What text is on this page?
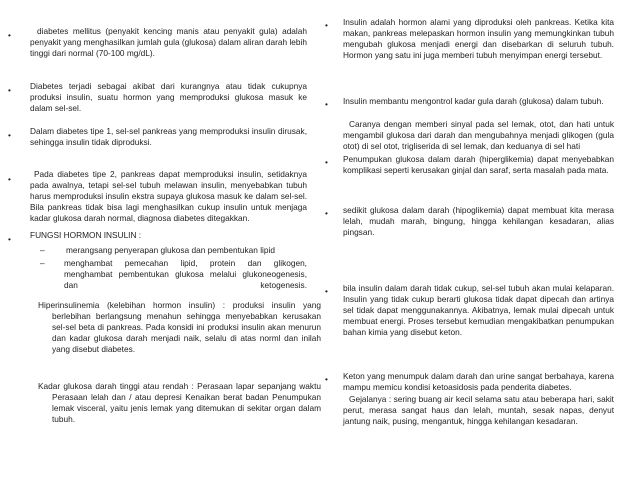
•	diabetes mellitus (penyakit kencing manis atau penyakit gula) adalah penyakit yang menghasilkan jumlah gula (glukosa) dalam aliran darah lebih tinggi dari normal (70-100 mg/dL).

• Diabetes terjadi sebagai akibat dari kurangnya atau tidak cukupnya produksi insulin, suatu hormon yang memproduksi glukosa masuk ke dalam sel-sel.

• Dalam diabetes tipe 1, sel-sel pankreas yang memproduksi insulin dirusak, sehingga insulin tidak diproduksi.

•	Pada diabetes tipe 2, pankreas dapat memproduksi insulin, setidaknya pada awalnya, tetapi sel-sel tubuh melawan insulin, menyebabkan tubuh harus memproduksi insulin ekstra supaya glukosa masuk ke dalam sel-sel. Bila pankreas tidak bisa lagi menghasilkan cukup insulin untuk menjaga kadar glukosa darah normal, diagnosa diabetes ditegakkan.

• FUNGSI HORMON INSULIN :

–	merangsang penyerapan glukosa dan pembentukan lipid

– menghambat pemecahan lipid, protein dan glikogen, menghambat pembentukan glukosa melalui glukoneogenesis, dan ketogenesis.

Hiperinsulinemia (kelebihan hormon insulin) : produksi insulin yang berlebihan berlangsung menahun sehingga menyebabkan kerusakan sel-sel beta di pankreas. Pada konsidi ini produksi insulin akan menurun dan kadar glukosa darah menjadi naik, selalu di atas norml dan inilah yang disebut diabetes.

Kadar glukosa darah tinggi atau rendah : Perasaan lapar sepanjang waktu Perasaan lelah dan / atau depresi Kenaikan berat badan Penumpukan lemak visceral, yaitu jenis lemak yang ditemukan di sekitar organ dalam tubuh.

• Insulin adalah hormon alami yang diproduksi oleh pankreas. Ketika kita makan, pankreas melepaskan hormon insulin yang memungkinkan tubuh mengubah glukosa menjadi energi dan disebarkan di seluruh tubuh. Hormon yang satu ini juga memberi tubuh menyimpan energi tersebut.

• Insulin membantu mengontrol kadar gula darah (glukosa) dalam tubuh.

Caranya dengan memberi sinyal pada sel lemak, otot, dan hati untuk mengambil glukosa dari darah dan mengubahnya menjadi glikogen (gula otot) di sel otot, trigliserida di sel lemak, dan keduanya di sel hati

• Penumpukan glukosa dalam darah (hiperglikemia) dapat menyebabkan komplikasi seperti kerusakan ginjal dan saraf, serta masalah pada mata.

• sedikit glukosa dalam darah (hipoglikemia) dapat membuat kita merasa lelah, mudah marah, bingung, hingga kehilangan kesadaran, alias pingsan.

• bila insulin dalam darah tidak cukup, sel-sel tubuh akan mulai kelaparan. Insulin yang tidak cukup berarti glukosa tidak dapat dipecah dan artinya sel tidak dapat menggunakannya. Akibatnya, lemak mulai dipecah untuk membuat energi. Proses tersebut kemudian mengakibatkan penumpukan bahan kimia yang disebut keton.

• Keton yang menumpuk dalam darah dan urine sangat berbahaya, karena mampu memicu kondisi ketoasidosis pada penderita diabetes.

Gejalanya : sering buang air kecil selama satu atau beberapa hari, sakit perut, merasa sangat haus dan lelah, muntah, sesak napas, denyut jantung naik, pusing, mengantuk, hingga kehilangan kesadaran.
